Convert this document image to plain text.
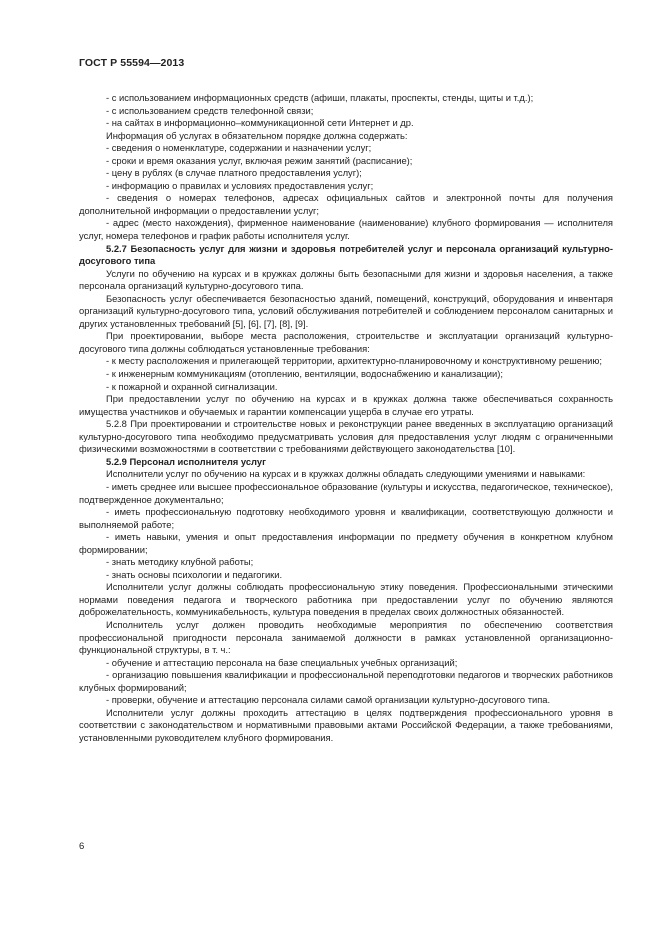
ГОСТ Р 55594—2013

- с использованием информационных средств (афиши, плакаты, проспекты, стенды, щиты и т.д.);

- с использованием средств телефонной связи;

- на сайтах в информационно–коммуникационной сети Интернет и др.

Информация об услугах в обязательном порядке должна содержать:

- сведения о номенклатуре, содержании и назначении услуг;

- сроки и время оказания услуг, включая режим занятий (расписание);

- цену в рублях (в случае платного предоставления услуг);

- информацию о правилах и условиях предоставления услуг;

- сведения о номерах телефонов, адресах официальных сайтов и электронной почты для получения дополнительной информации о предоставлении услуг;

- адрес (место нахождения), фирменное наименование (наименование) клубного формирования — исполнителя услуг, номера телефонов и график работы исполнителя услуг.

5.2.7 Безопасность услуг для жизни и здоровья потребителей услуг и персонала организаций культурно-досугового типа

Услуги по обучению на курсах и в кружках должны быть безопасными для жизни и здоровья населения, а также персонала организаций культурно-досугового типа.

Безопасность услуг обеспечивается безопасностью зданий, помещений, конструкций, оборудования и инвентаря организаций культурно-досугового типа, условий обслуживания потребителей и соблюдением персоналом санитарных и других установленных требований [5], [6], [7], [8], [9].

При проектировании, выборе места расположения, строительстве и эксплуатации организаций культурно-досугового типа должны соблюдаться установленные требования:

- к месту расположения и прилегающей территории, архитектурно-планировочному и конструктивному решению;

- к инженерным коммуникациям (отоплению, вентиляции, водоснабжению и канализации);

- к пожарной и охранной сигнализации.

При предоставлении услуг по обучению на курсах и в кружках должна также обеспечиваться сохранность имущества участников и обучаемых и гарантии компенсации ущерба в случае его утраты.

5.2.8 При проектировании и строительстве новых и реконструкции ранее введенных в эксплуатацию организаций культурно-досугового типа необходимо предусматривать условия для предоставления услуг людям с ограниченными физическими возможностями в соответствии с требованиями действующего законодательства [10].

5.2.9 Персонал исполнителя услуг

Исполнители услуг по обучению на курсах и в кружках должны обладать следующими умениями и навыками:

- иметь среднее или высшее профессиональное образование (культуры и искусства, педагогическое, техническое), подтвержденное документально;

- иметь профессиональную подготовку необходимого уровня и квалификации, соответствующую должности и выполняемой работе;

- иметь навыки, умения и опыт предоставления информации по предмету обучения в конкретном клубном формировании;

- знать методику клубной работы;

- знать основы психологии и педагогики.

Исполнители услуг должны соблюдать профессиональную этику поведения. Профессиональными этическими нормами поведения педагога и творческого работника при предоставлении услуг по обучению являются доброжелательность, коммуникабельность, культура поведения в пределах своих должностных обязанностей.

Исполнитель услуг должен проводить необходимые мероприятия по обеспечению соответствия профессиональной пригодности персонала занимаемой должности в рамках установленной организационно-функциональной структуры, в т. ч.:

- обучение и аттестацию персонала на базе специальных учебных организаций;

- организацию повышения квалификации и профессиональной переподготовки педагогов и творческих работников клубных формирований;

- проверки, обучение и аттестацию персонала силами самой организации культурно-досугового типа.

Исполнители услуг должны проходить аттестацию в целях подтверждения профессионального уровня в соответствии с законодательством и нормативными правовыми актами Российской Федерации, а также требованиями, установленными руководителем клубного формирования.

6
